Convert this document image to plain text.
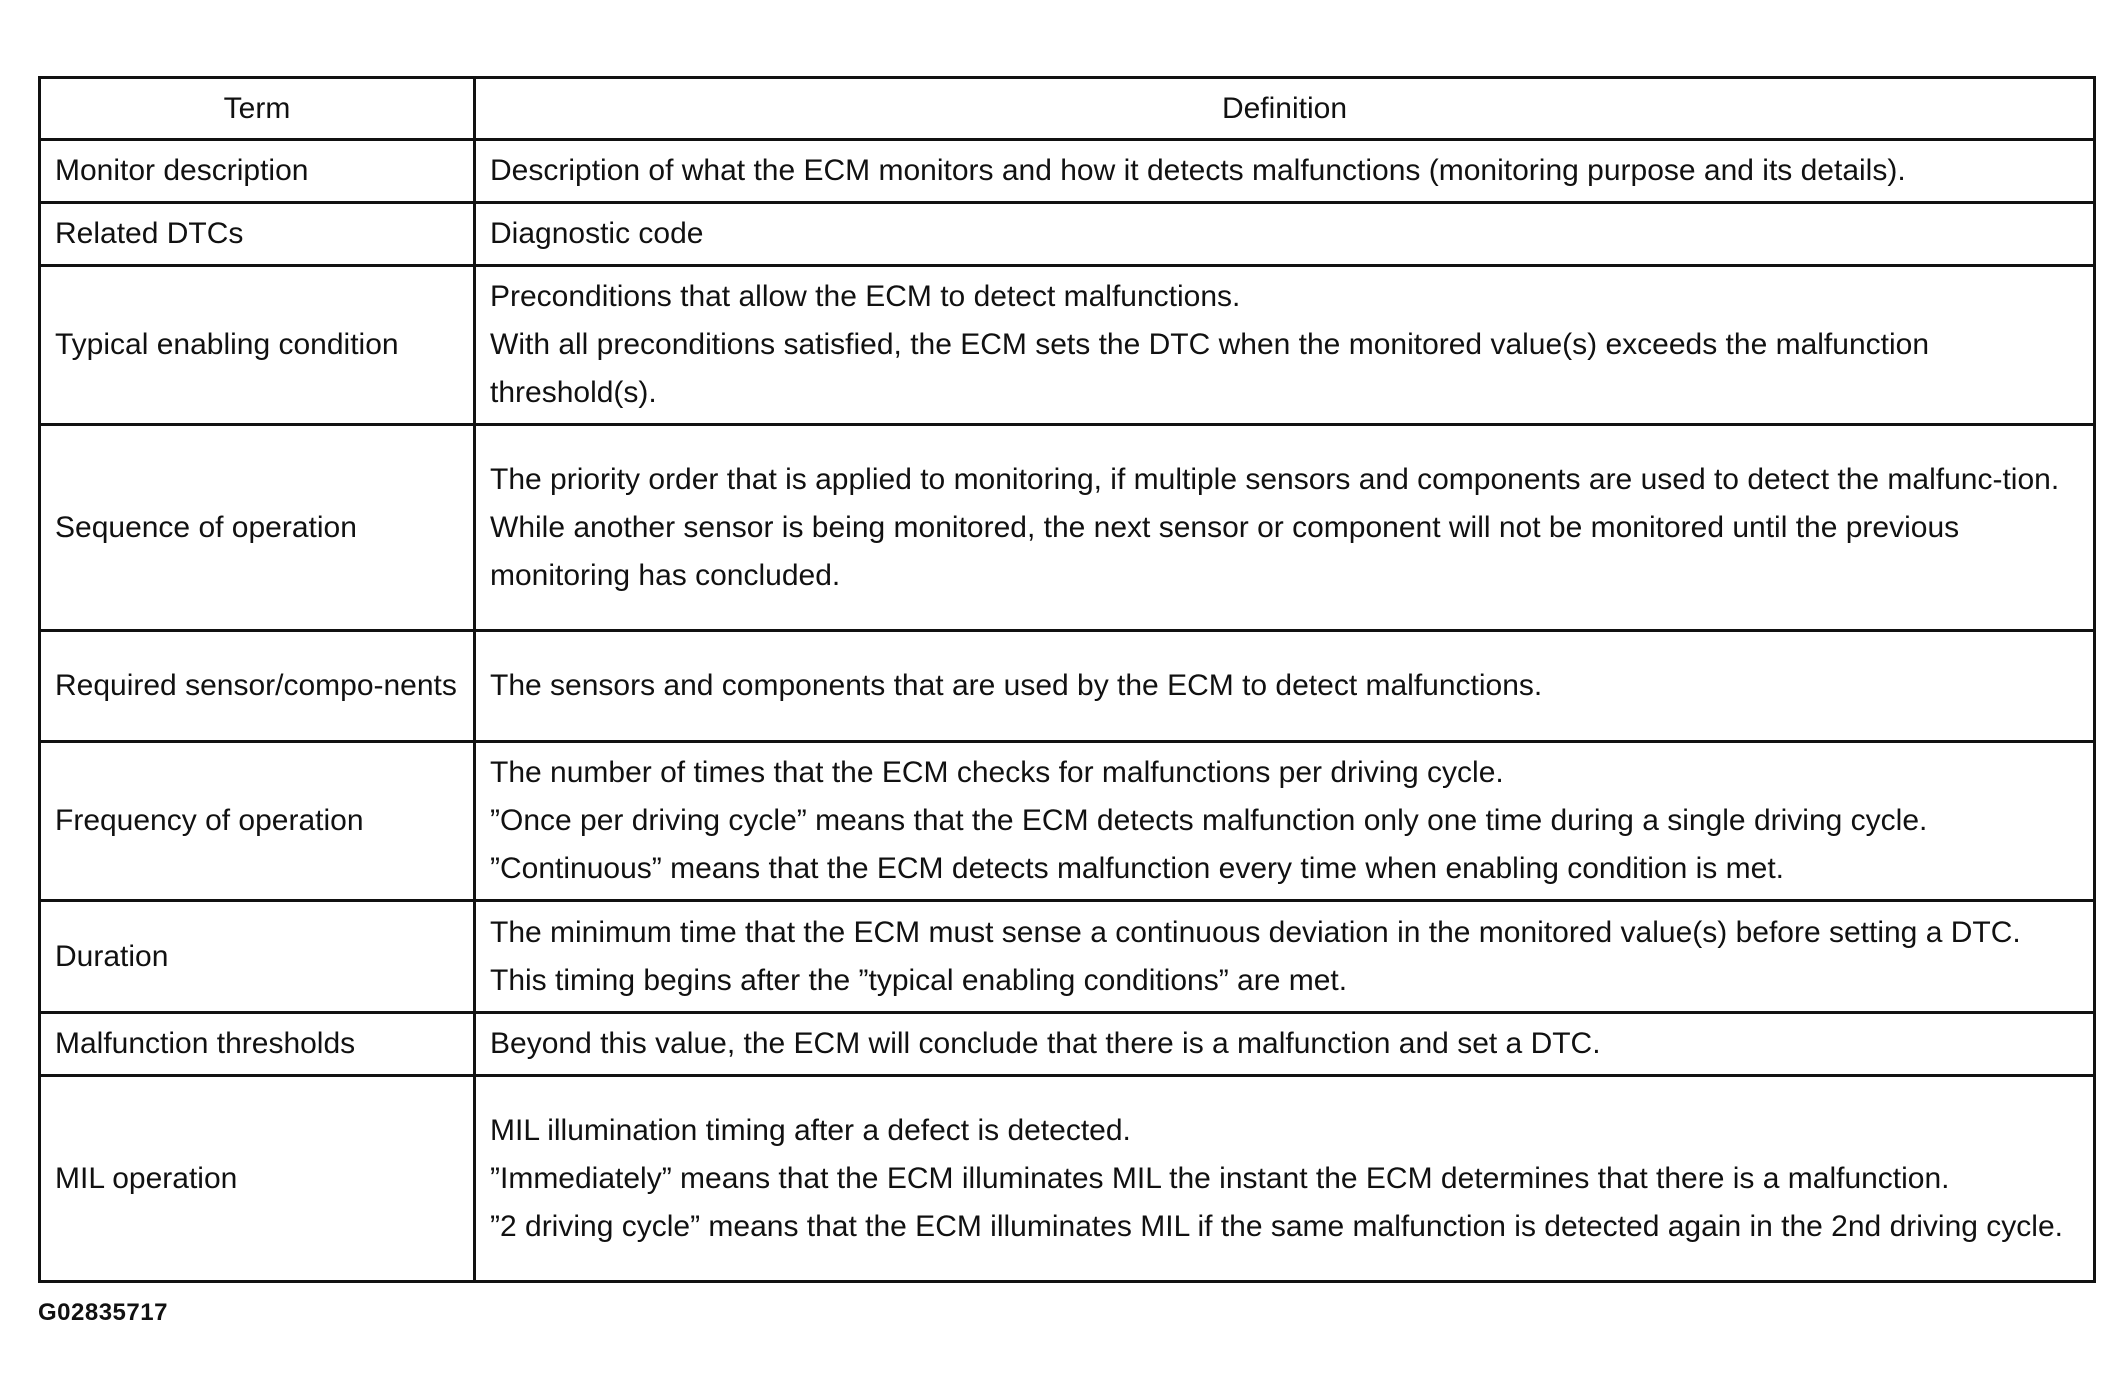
Term	Definition
Monitor description	Description of what the ECM monitors and how it detects malfunctions (monitoring purpose and its details).

Related DTCs	Diagnostic code

Typical enabling condition	Preconditions that allow the ECM to detect malfunctions.
With all preconditions satisfied, the ECM sets the DTC when the monitored value(s) exceeds the malfunction threshold(s).

Sequence of operation	The priority order that is applied to monitoring, if multiple sensors and components are used to detect the malfunc-tion.
While another sensor is being monitored, the next sensor or component will not be monitored until the previous monitoring has concluded.

Required sensor/compo-nents	The sensors and components that are used by the ECM to detect malfunctions.

Frequency of operation	The number of times that the ECM checks for malfunctions per driving cycle.
”Once per driving cycle” means that the ECM detects malfunction only one time during a single driving cycle.
”Continuous” means that the ECM detects malfunction every time when enabling condition is met.

Duration	The minimum time that the ECM must sense a continuous deviation in the monitored value(s) before setting a DTC. This timing begins after the ”typical enabling conditions” are met.

Malfunction thresholds	Beyond this value, the ECM will conclude that there is a malfunction and set a DTC.

MIL operation	MIL illumination timing after a defect is detected.
”Immediately” means that the ECM illuminates MIL the instant the ECM determines that there is a malfunction.
”2 driving cycle” means that the ECM illuminates MIL if the same malfunction is detected again in the 2nd driving cycle.
G02835717
